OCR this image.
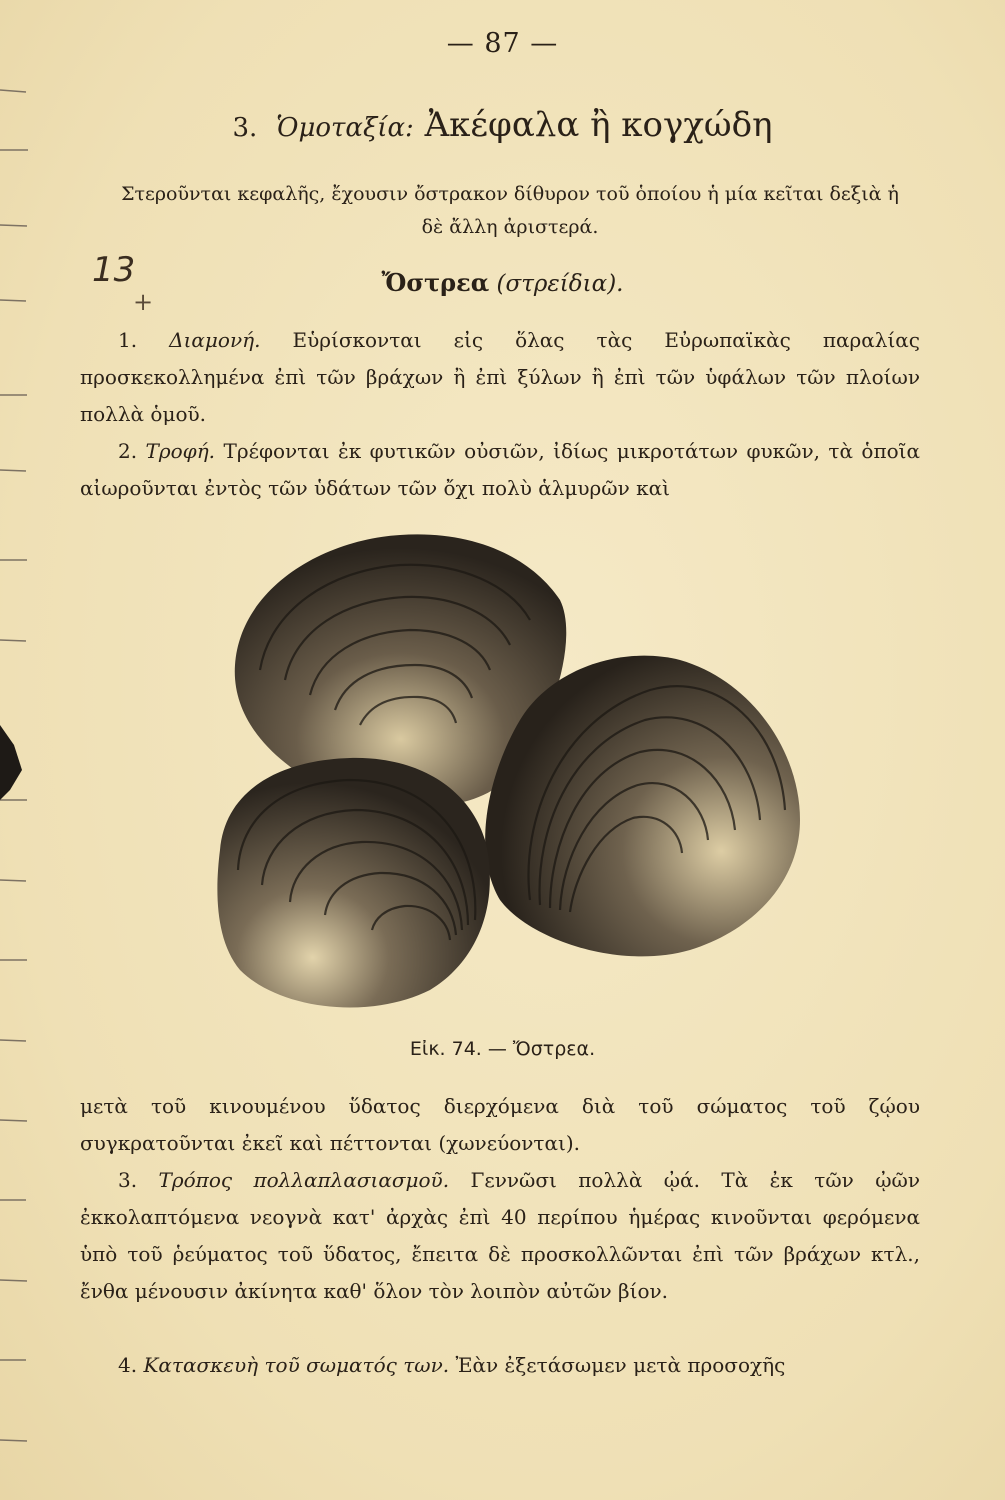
— 87 —
3. Ὁμοταξία: Ἀκέφαλα ἢ κογχώδη
Στεροῦνται κεφαλῆς, ἔχουσιν ὄστρακον δίθυρον τοῦ ὁποίου ἡ μία κεῖται δεξιὰ ἡ δὲ ἄλλη ἀριστερά.
13
+
Ὄστρεα (στρείδια).
1. Διαμονή. Εὑρίσκονται εἰς ὅλας τὰς Εὐρωπαϊκὰς παραλίας προσκεκολλημένα ἐπὶ τῶν βράχων ἢ ἐπὶ ξύλων ἢ ἐπὶ τῶν ὑφάλων τῶν πλοίων πολλὰ ὁμοῦ.
2. Τροφή. Τρέφονται ἐκ φυτικῶν οὐσιῶν, ἰδίως μικροτάτων φυκῶν, τὰ ὁποῖα αἰωροῦνται ἐντὸς τῶν ὑδάτων τῶν ὄχι πολὺ ἁλμυρῶν καὶ
Εἰκ. 74. — Ὄστρεα.
μετὰ τοῦ κινουμένου ὕδατος διερχόμενα διὰ τοῦ σώματος τοῦ ζῴου συγκρατοῦνται ἐκεῖ καὶ πέττονται (χωνεύονται).
3. Τρόπος πολλαπλασιασμοῦ. Γεννῶσι πολλὰ ᾠά. Τὰ ἐκ τῶν ᾠῶν ἐκκολαπτόμενα νεογνὰ κατ' ἀρχὰς ἐπὶ 40 περίπου ἡμέρας κινοῦνται φερόμενα ὑπὸ τοῦ ῥεύματος τοῦ ὕδατος, ἔπειτα δὲ προσκολλῶνται ἐπὶ τῶν βράχων κτλ., ἔνθα μένουσιν ἀκίνητα καθ' ὅλον τὸν λοιπὸν αὐτῶν βίον.
4. Κατασκευὴ τοῦ σωματός των. Ἐὰν ἐξετάσωμεν μετὰ προσοχῆς
